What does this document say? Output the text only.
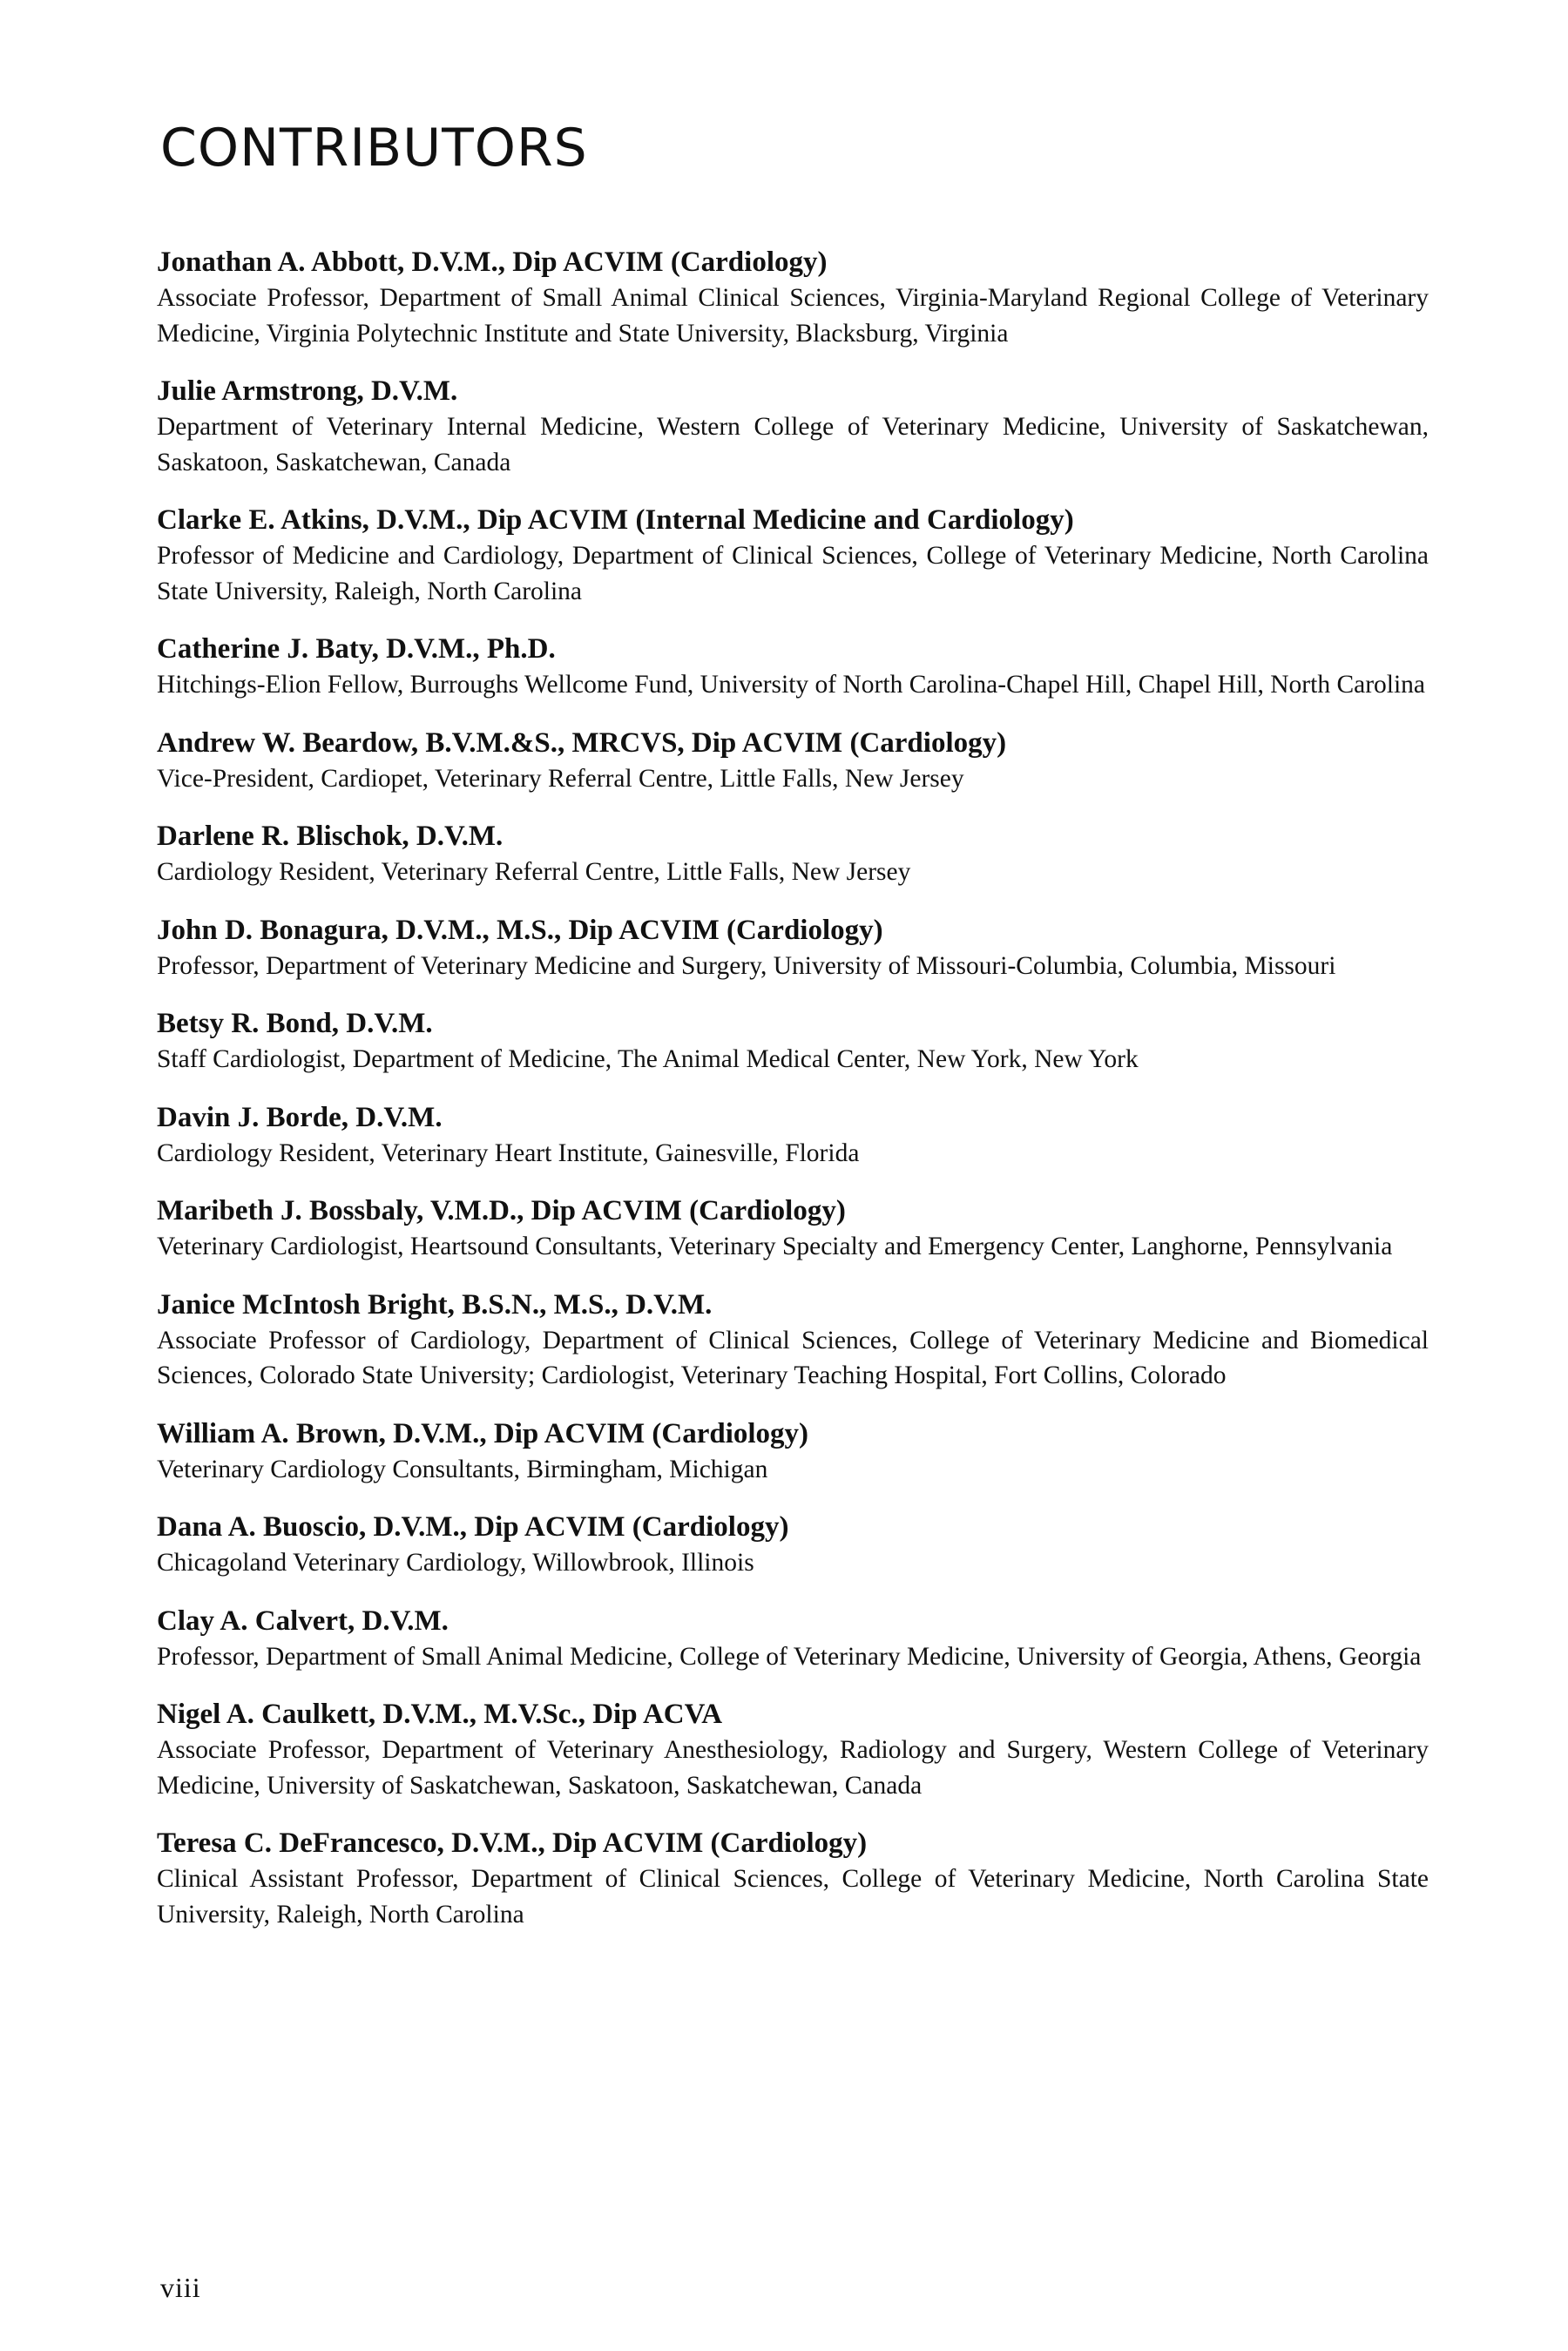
CONTRIBUTORS

Jonathan A. Abbott, D.V.M., Dip ACVIM (Cardiology)

Associate Professor, Department of Small Animal Clinical Sciences, Virginia-Maryland Regional College of Veterinary Medicine, Virginia Polytechnic Institute and State University, Blacksburg, Virginia

Julie Armstrong, D.V.M.

Department of Veterinary Internal Medicine, Western College of Veterinary Medicine, University of Saskatchewan, Saskatoon, Saskatchewan, Canada

Clarke E. Atkins, D.V.M., Dip ACVIM (Internal Medicine and Cardiology)

Professor of Medicine and Cardiology, Department of Clinical Sciences, College of Veterinary Medicine, North Carolina State University, Raleigh, North Carolina

Catherine J. Baty, D.V.M., Ph.D.

Hitchings-Elion Fellow, Burroughs Wellcome Fund, University of North Carolina-Chapel Hill, Chapel Hill, North Carolina

Andrew W. Beardow, B.V.M.&S., MRCVS, Dip ACVIM (Cardiology)

Vice-President, Cardiopet, Veterinary Referral Centre, Little Falls, New Jersey

Darlene R. Blischok, D.V.M.

Cardiology Resident, Veterinary Referral Centre, Little Falls, New Jersey

John D. Bonagura, D.V.M., M.S., Dip ACVIM (Cardiology)

Professor, Department of Veterinary Medicine and Surgery, University of Missouri-Columbia, Columbia, Missouri

Betsy R. Bond, D.V.M.

Staff Cardiologist, Department of Medicine, The Animal Medical Center, New York, New York

Davin J. Borde, D.V.M.

Cardiology Resident, Veterinary Heart Institute, Gainesville, Florida

Maribeth J. Bossbaly, V.M.D., Dip ACVIM (Cardiology)

Veterinary Cardiologist, Heartsound Consultants, Veterinary Specialty and Emergency Center, Langhorne, Pennsylvania

Janice McIntosh Bright, B.S.N., M.S., D.V.M.

Associate Professor of Cardiology, Department of Clinical Sciences, College of Veterinary Medicine and Biomedical Sciences, Colorado State University; Cardiologist, Veterinary Teaching Hospital, Fort Collins, Colorado

William A. Brown, D.V.M., Dip ACVIM (Cardiology)

Veterinary Cardiology Consultants, Birmingham, Michigan

Dana A. Buoscio, D.V.M., Dip ACVIM (Cardiology)

Chicagoland Veterinary Cardiology, Willowbrook, Illinois

Clay A. Calvert, D.V.M.

Professor, Department of Small Animal Medicine, College of Veterinary Medicine, University of Georgia, Athens, Georgia

Nigel A. Caulkett, D.V.M., M.V.Sc., Dip ACVA

Associate Professor, Department of Veterinary Anesthesiology, Radiology and Surgery, Western College of Veterinary Medicine, University of Saskatchewan, Saskatoon, Saskatchewan, Canada

Teresa C. DeFrancesco, D.V.M., Dip ACVIM (Cardiology)

Clinical Assistant Professor, Department of Clinical Sciences, College of Veterinary Medicine, North Carolina State University, Raleigh, North Carolina

viii
